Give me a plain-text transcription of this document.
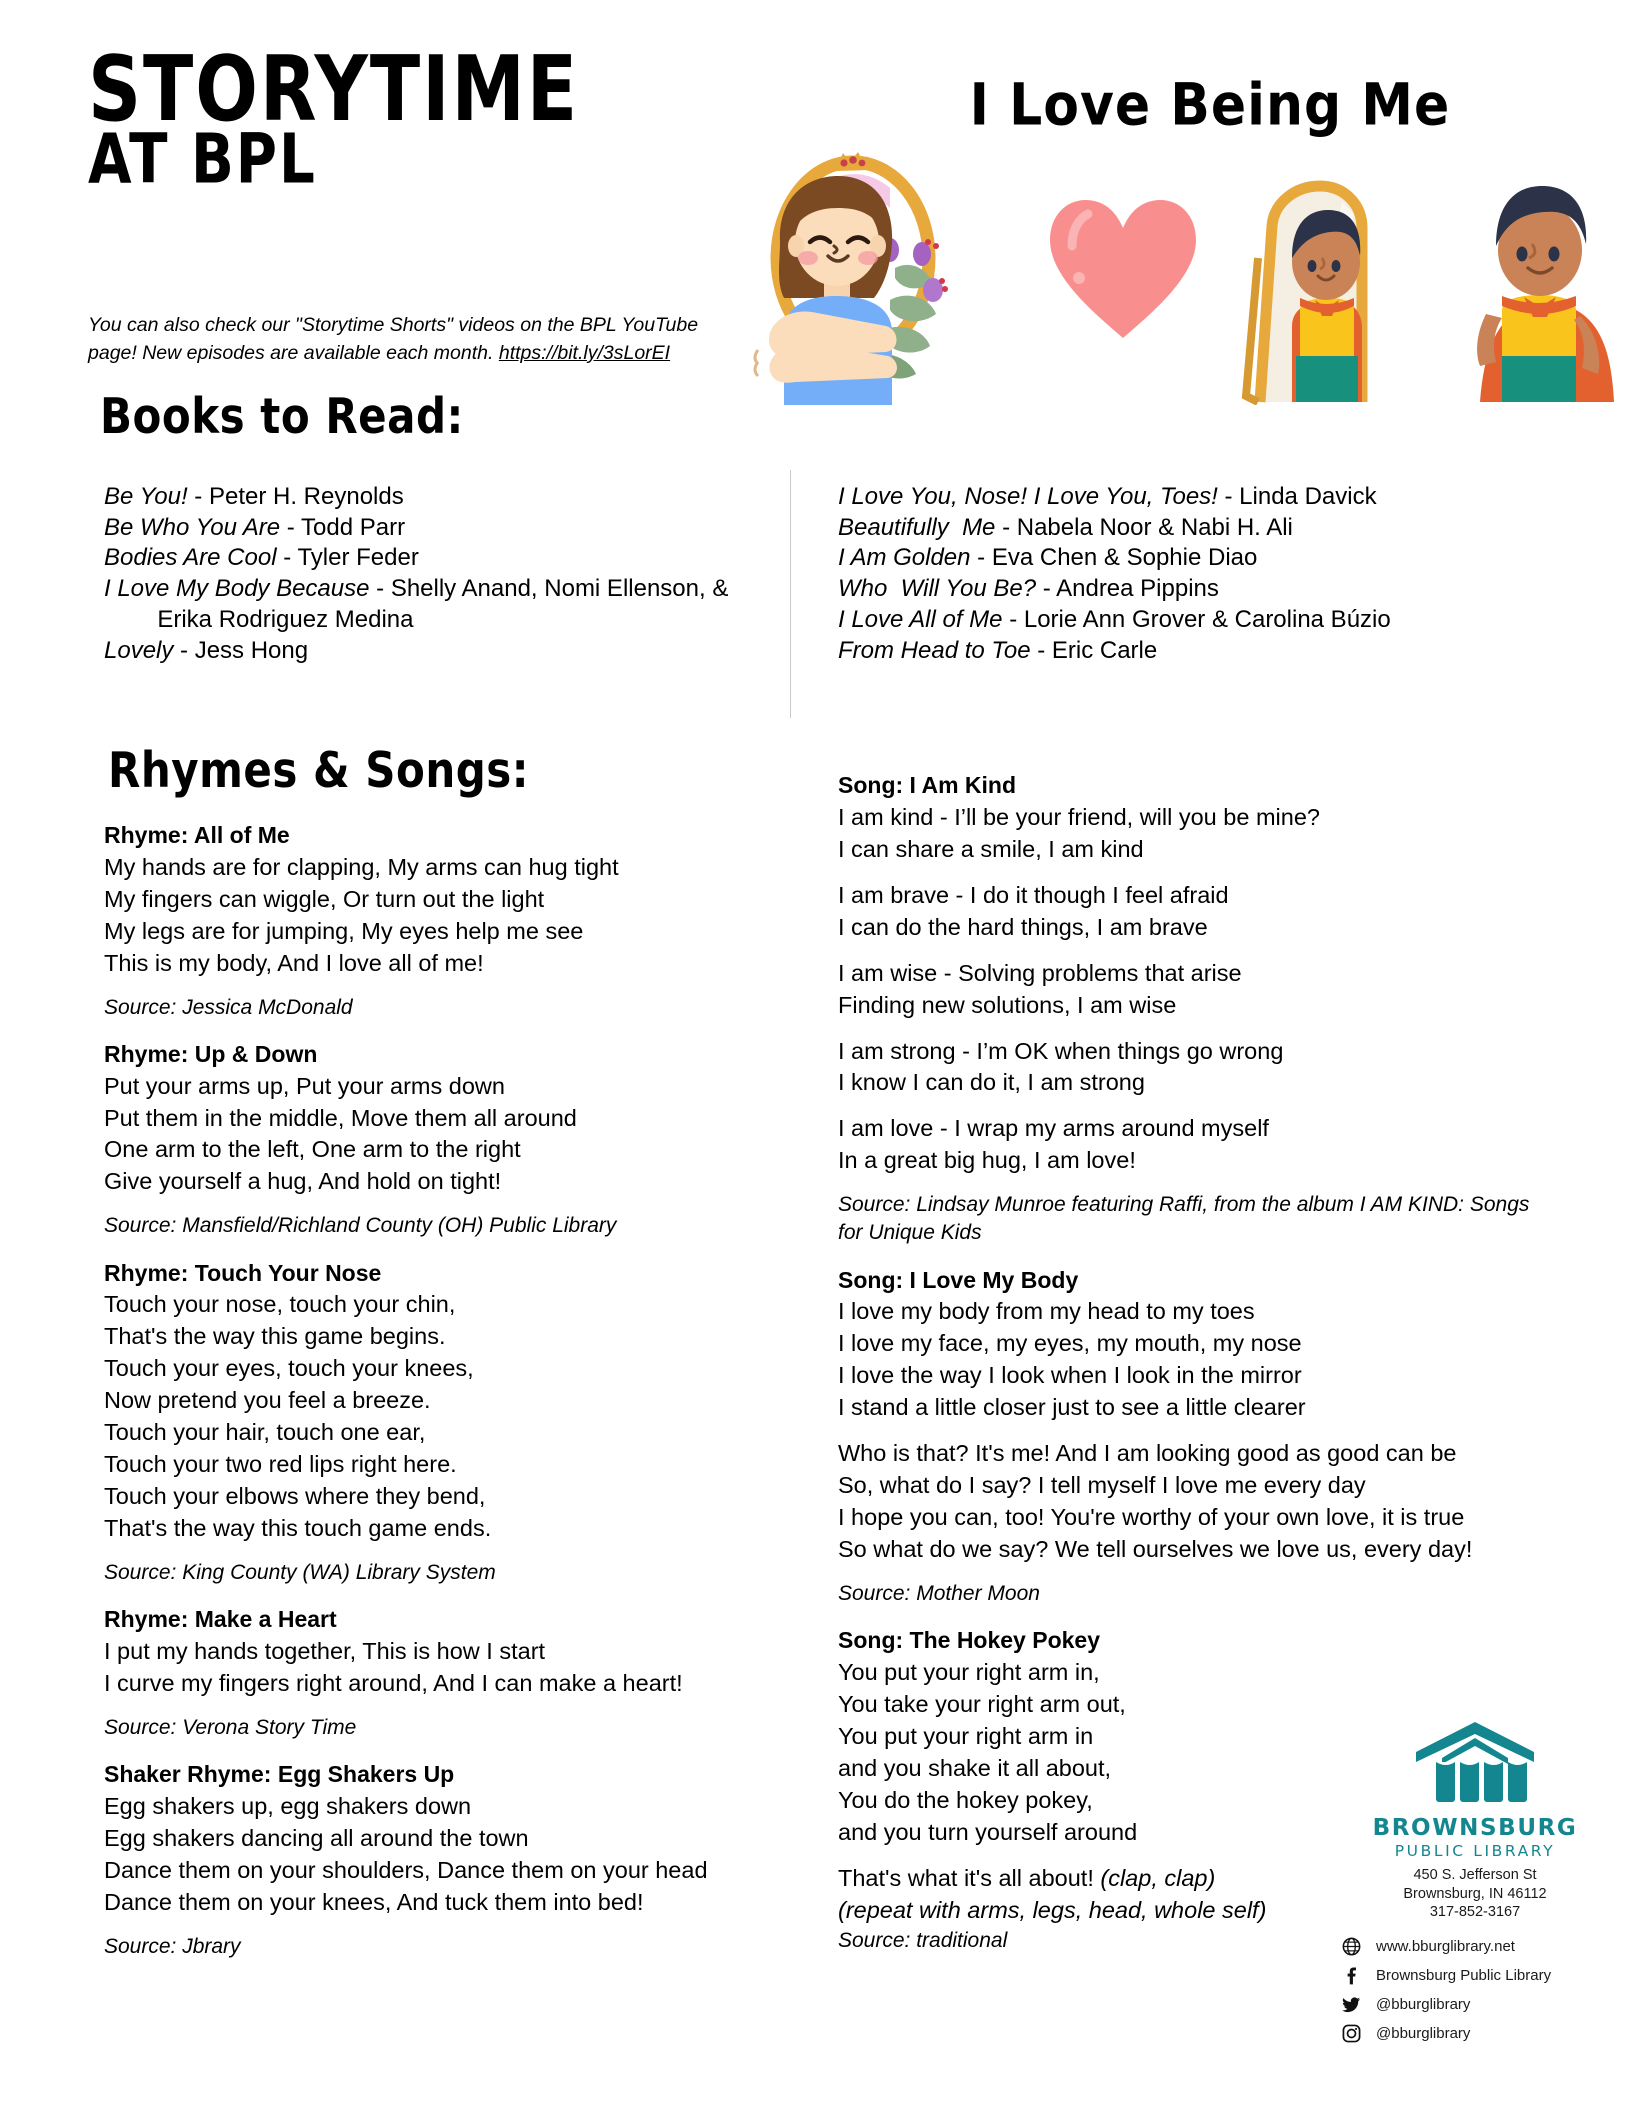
STORYTIME
AT BPL
You can also check our "Storytime Shorts" videos on the BPL YouTube page! New episodes are available each month. https://bit.ly/3sLorEI
I Love Being Me
Books to Read:
Be You! - Peter H. Reynolds
Be Who You Are - Todd Parr
Bodies Are Cool - Tyler Feder
I Love My Body Because - Shelly Anand, Nomi Ellenson, &
Erika Rodriguez Medina
Lovely - Jess Hong
I Love You, Nose! I Love You, Toes! - Linda Davick
Beautifully  Me - Nabela Noor & Nabi H. Ali
I Am Golden - Eva Chen & Sophie Diao
Who  Will You Be? - Andrea Pippins
I Love All of Me - Lorie Ann Grover & Carolina Búzio
From Head to Toe - Eric Carle
Rhymes & Songs:
Rhyme: All of Me
My hands are for clapping, My arms can hug tight
My fingers can wiggle, Or turn out the light
My legs are for jumping, My eyes help me see
This is my body, And I love all of me!
Source: Jessica McDonald
Rhyme: Up & Down
Put your arms up, Put your arms down
Put them in the middle, Move them all around
One arm to the left, One arm to the right
Give yourself a hug, And hold on tight!
Source: Mansfield/Richland County (OH) Public Library
Rhyme: Touch Your Nose
Touch your nose, touch your chin,
That's the way this game begins.
Touch your eyes, touch your knees,
Now pretend you feel a breeze.
Touch your hair, touch one ear,
Touch your two red lips right here.
Touch your elbows where they bend,
That's the way this touch game ends.
Source: King County (WA) Library System
Rhyme: Make a Heart
I put my hands together, This is how I start
I curve my fingers right around, And I can make a heart!
Source: Verona Story Time
Shaker Rhyme: Egg Shakers Up
Egg shakers up, egg shakers down
Egg shakers dancing all around the town
Dance them on your shoulders, Dance them on your head
Dance them on your knees, And tuck them into bed!
Source: Jbrary
Song: I Am Kind
I am kind - I’ll be your friend, will you be mine?
I can share a smile, I am kind
I am brave - I do it though I feel afraid
I can do the hard things, I am brave
I am wise - Solving problems that arise
Finding new solutions, I am wise
I am strong - I’m OK when things go wrong
I know I can do it, I am strong
I am love - I wrap my arms around myself
In a great big hug, I am love!
Source: Lindsay Munroe featuring Raffi, from the album I AM KIND: Songs for Unique Kids
Song: I Love My Body
I love my body from my head to my toes
I love my face, my eyes, my mouth, my nose
I love the way I look when I look in the mirror
I stand a little closer just to see a little clearer
Who is that? It's me! And I am looking good as good can be
So, what do I say? I tell myself I love me every day
I hope you can, too! You're worthy of your own love, it is true
So what do we say? We tell ourselves we love us, every day!
Source: Mother Moon
Song: The Hokey Pokey
You put your right arm in,
You take your right arm out,
You put your right arm in
and you shake it all about,
You do the hokey pokey,
and you turn yourself around
That's what it's all about! (clap, clap)
(repeat with arms, legs, head, whole self)
Source: traditional
BROWNSBURG
PUBLIC LIBRARY
450 S. Jefferson St
Brownsburg, IN 46112
317-852-3167
www.bburglibrary.net
Brownsburg Public Library
@bburglibrary
@bburglibrary
